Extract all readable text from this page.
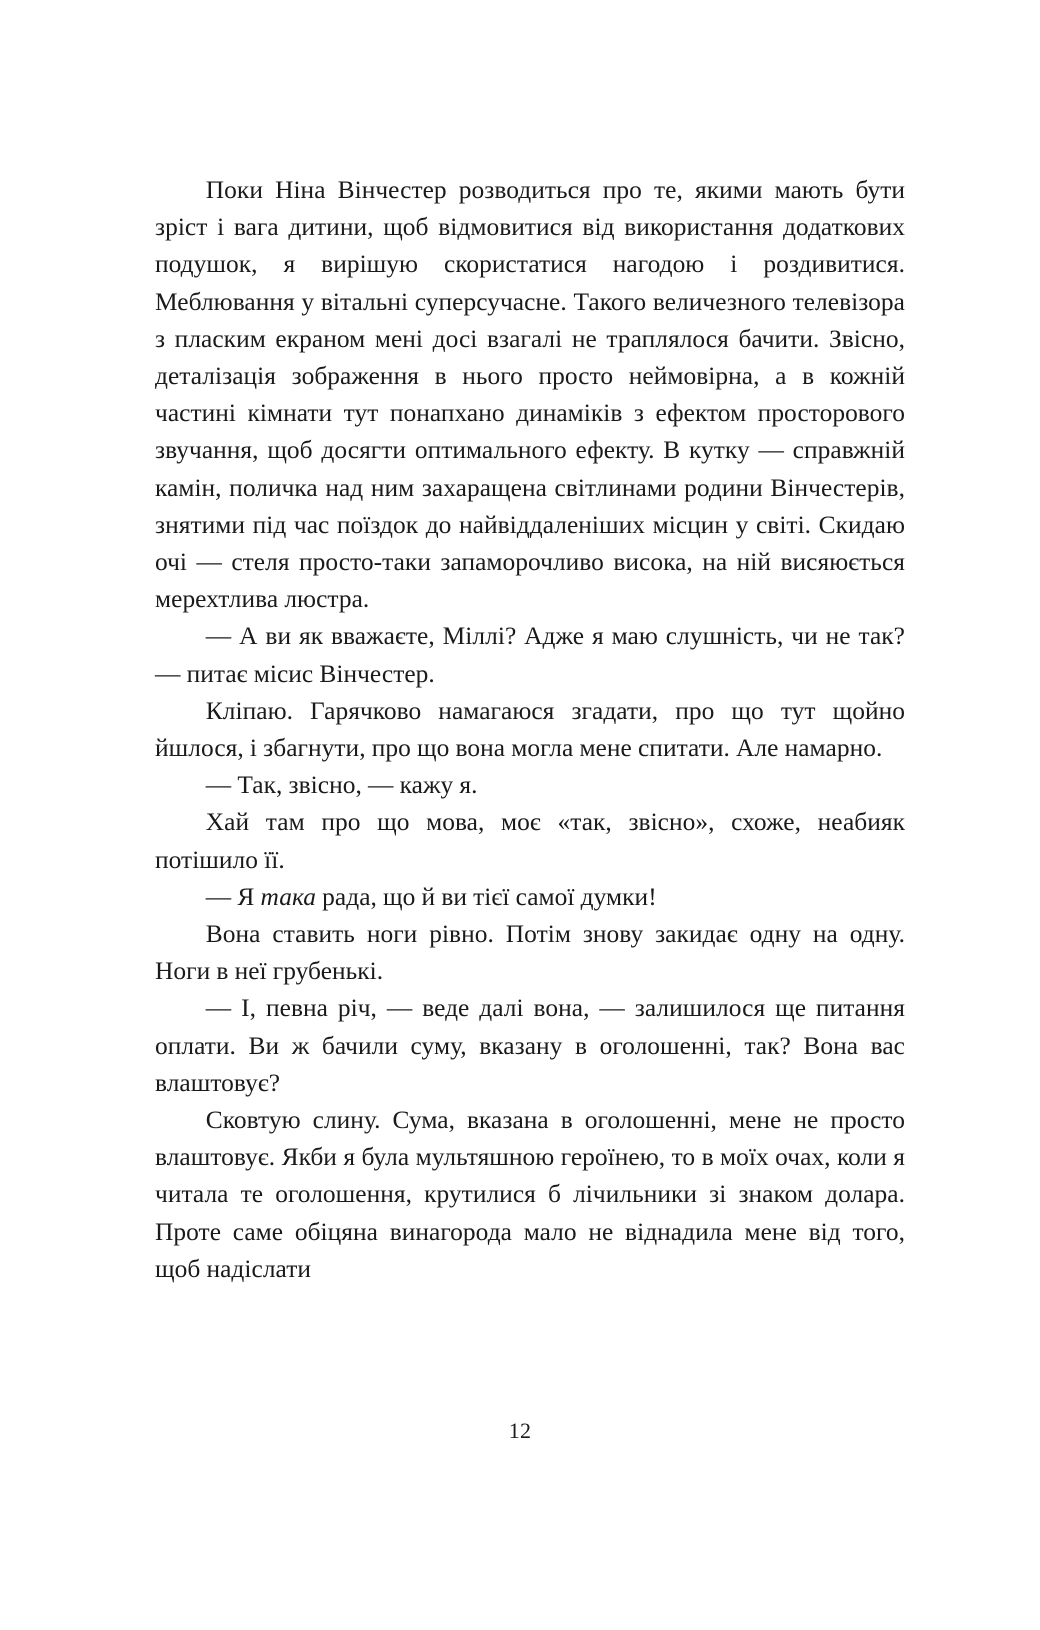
Поки Ніна Вінчестер розводиться про те, якими мають бути зріст і вага дитини, щоб відмовитися від використання додаткових подушок, я вирішую скористатися нагодою і роздивитися. Меблювання у вітальні суперсучасне. Такого величезного телевізора з пласким екраном мені досі взагалі не траплялося бачити. Звісно, деталізація зображення в нього просто неймовірна, а в кожній частині кімнати тут понапхано динаміків з ефектом просторового звучання, щоб досягти оптимального ефекту. В кутку — справжній камін, поличка над ним захаращена світлинами родини Вінчестерів, знятими під час поїздок до найвіддаленіших місцин у світі. Скидаю очі — стеля просто-таки запаморочливо висока, на ній висяюється мерехтлива люстра.

— А ви як вважаєте, Міллі? Адже я маю слушність, чи не так? — питає місис Вінчестер.

Кліпаю. Гарячково намагаюся згадати, про що тут щойно йшлося, і збагнути, про що вона могла мене спитати. Але намарно.

— Так, звісно, — кажу я.

Хай там про що мова, моє «так, звісно», схоже, неабияк потішило її.

— Я така рада, що й ви тієї самої думки!

Вона ставить ноги рівно. Потім знову закидає одну на одну. Ноги в неї грубенькі.

— І, певна річ, — веде далі вона, — залишилося ще питання оплати. Ви ж бачили суму, вказану в оголошенні, так? Вона вас влаштовує?

Сковтую слину. Сума, вказана в оголошенні, мене не просто влаштовує. Якби я була мультяшною героїнею, то в моїх очах, коли я читала те оголошення, крутилися б лічильники зі знаком долара. Проте саме обіцяна винагорода мало не віднадила мене від того, щоб надіслати

12
